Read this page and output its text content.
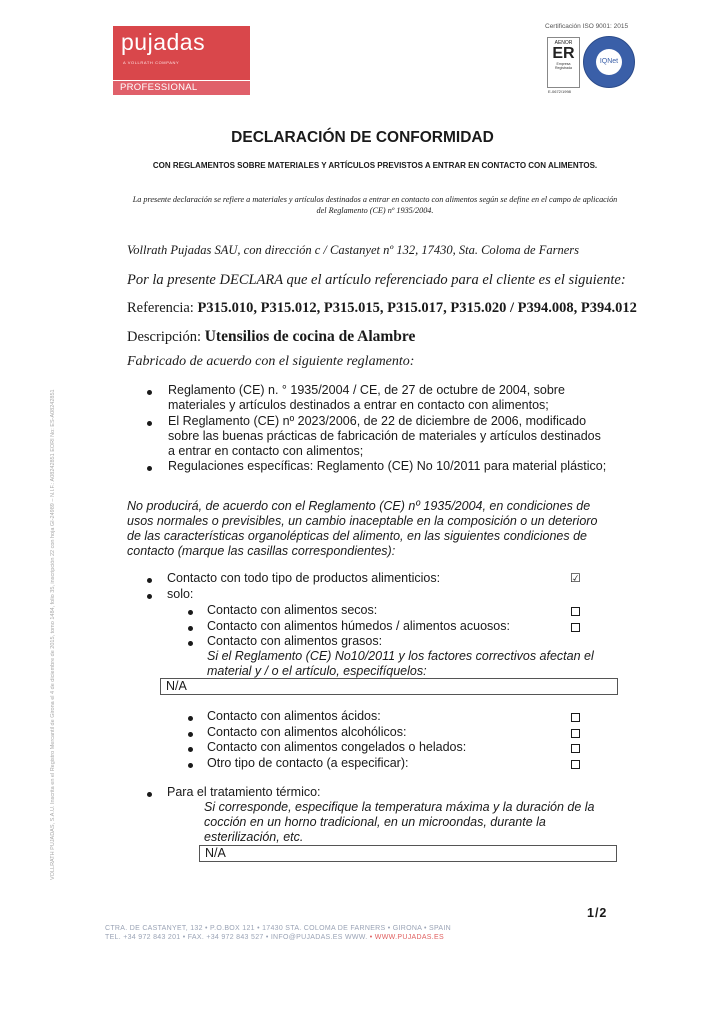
pujadas
A VOLLRATH COMPANY
PROFESSIONAL COOKWARE
Certificación ISO 9001: 2015
AENOR
ER
Empresa
Registrada
E-0672/1998
IQNet
DECLARACIÓN DE CONFORMIDAD
CON REGLAMENTOS SOBRE MATERIALES Y ARTÍCULOS PREVISTOS A ENTRAR EN CONTACTO CON ALIMENTOS.
La presente declaración se refiere a materiales y artículos destinados a entrar en contacto con alimentos según se define en el campo de aplicación del Reglamento (CE) nº 1935/2004.
Vollrath Pujadas SAU, con dirección c / Castanyet nº 132, 17430, Sta. Coloma de Farners
Por la presente DECLARA que el artículo referenciado para el cliente es el siguiente:
Referencia: P315.010, P315.012, P315.015, P315.017, P315.020 / P394.008, P394.012
Descripción: Utensilios de cocina de Alambre
Fabricado de acuerdo con el siguiente reglamento:
Reglamento (CE) n. ° 1935/2004 / CE, de 27 de octubre de 2004, sobre materiales y artículos destinados a entrar en contacto con alimentos;
El Reglamento (CE) nº 2023/2006, de 22 de diciembre de 2006, modificado sobre las buenas prácticas de fabricación de materiales y artículos destinados a entrar en contacto con alimentos;
Regulaciones específicas: Reglamento (CE) No 10/2011 para material plástico;
No producirá, de acuerdo con el Reglamento (CE) nº 1935/2004, en condiciones de usos normales o previsibles, un cambio inaceptable en la composición o un deterioro de las características organolépticas del alimento, en las siguientes condiciones de contacto (marque las casillas correspondientes):
Contacto con todo tipo de productos alimenticios:	☑
solo:
Contacto con alimentos secos:
Contacto con alimentos húmedos / alimentos acuosos:
Contacto con alimentos grasos:
Si el Reglamento (CE) No10/2011 y los factores correctivos afectan el material y / o el artículo, especifíquelos:
N/A
Contacto con alimentos ácidos:
Contacto con alimentos alcohólicos:
Contacto con alimentos congelados o helados:
Otro tipo de contacto (a especificar):
Para el tratamiento térmico:
Si corresponde, especifique la temperatura máxima y la duración de la cocción en un horno tradicional, en un microondas, durante la esterilización, etc.
N/A
1/2
CTRA. DE CASTANYET, 132 • P.O.BOX 121 • 17430 STA. COLOMA DE FARNERS • GIRONA • SPAIN
TEL. +34 972 843 201 • FAX. +34 972 843 527 • INFO@PUJADAS.ES WWW. • WWW.PUJADAS.ES
VOLLRATH PUJADAS, S.A.U. Inscrita en el Registro Mercantil de Girona el 4 de diciembre de 2015, tomo 1484, folio 35, inscripción 22 con hoja GI-24989 – N.I.F.: A08242851 EORI No: ES-A08242851
